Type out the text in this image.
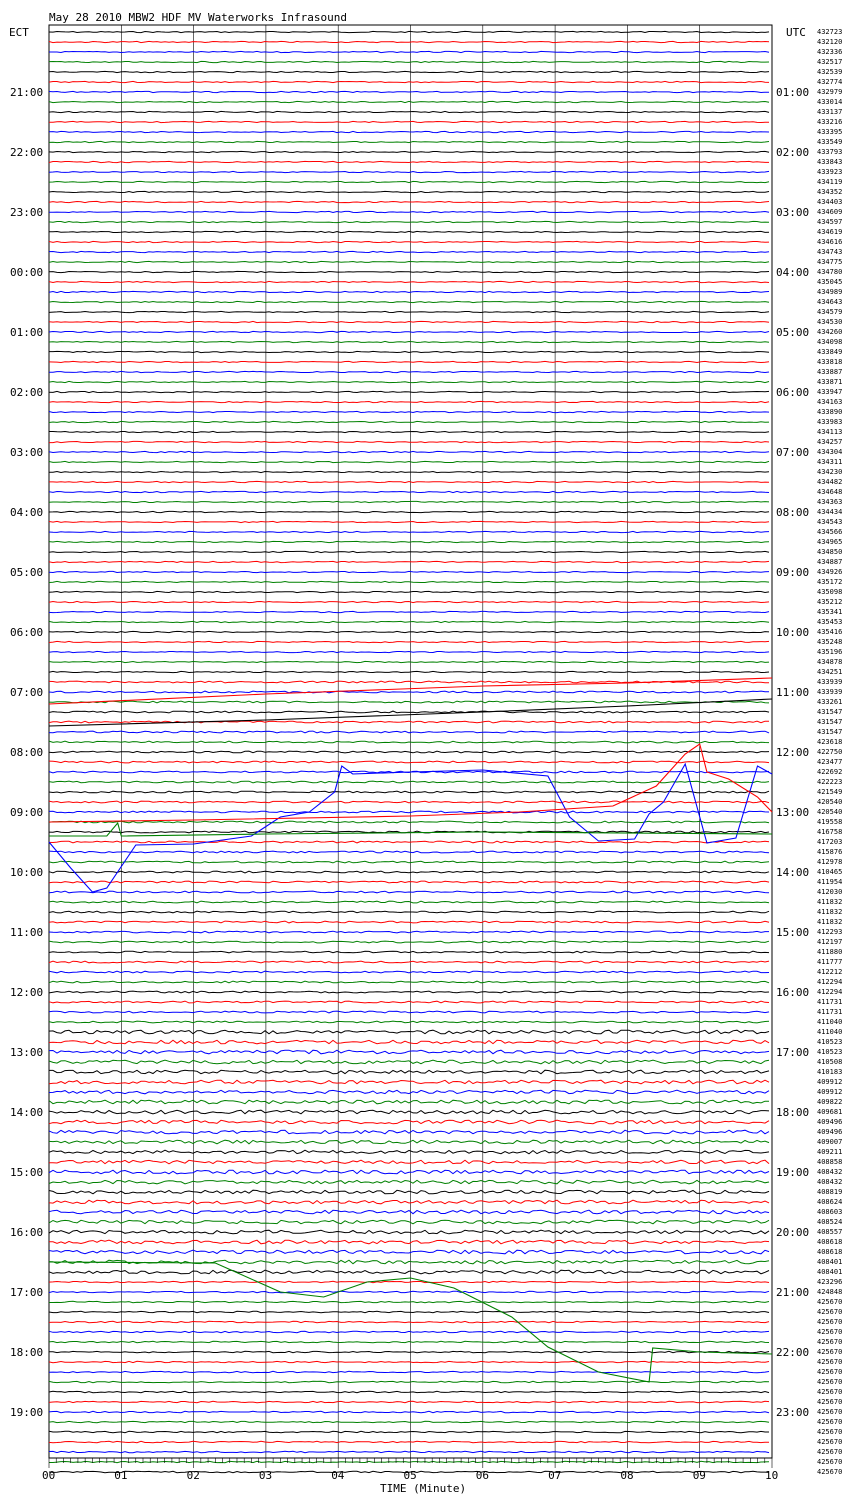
May 28 2010 MBW2 HDF MV Waterworks Infrasound
ECT	UTC
TIME (Minute)
21:00
22:00
23:00
00:00
01:00
02:00
03:00
04:00
05:00
06:00
07:00
08:00
09:00
10:00
11:00
12:00
13:00
14:00
15:00
16:00
17:00
18:00
19:00
01:00
02:00
03:00
04:00
05:00
06:00
07:00
08:00
09:00
10:00
11:00
12:00
13:00
14:00
15:00
16:00
17:00
18:00
19:00
20:00
21:00
22:00
23:00
432723
432120
432336
432517
432539
432774
432979
433014
433137
433216
433395
433549
433793
433843
433923
434119
434352
434403
434609
434597
434619
434616
434743
434775
434780
435045
434989
434643
434579
434530
434260
434098
433849
433818
433887
433871
433947
434163
433890
433983
434113
434257
434304
434311
434230
434482
434648
434363
434434
434543
434566
434965
434850
434887
434926
435172
435098
435212
435341
435453
435416
435248
435196
434878
434251
433939
433939
433261
431547
431547
431547
423618
422750
423477
422692
422223
421549
420540
420540
419558
416758
417203
415876
412978
410465
411954
412030
411832
411832
411832
412293
412197
411880
411777
412212
412294
412294
411731
411731
411040
411040
410523
410523
410508
410183
409912
409912
409822
409681
409496
409496
409007
409211
408858
408432
408432
408819
408624
408603
408524
408557
408618
408618
408401
408401
423296
424848
425670
425670
425670
425670
425670
425670
425670
425670
425670
425670
425670
425670
425670
425670
425670
425670
425670
425670
00	01	02	03	04	05	06	07	08	09	10
